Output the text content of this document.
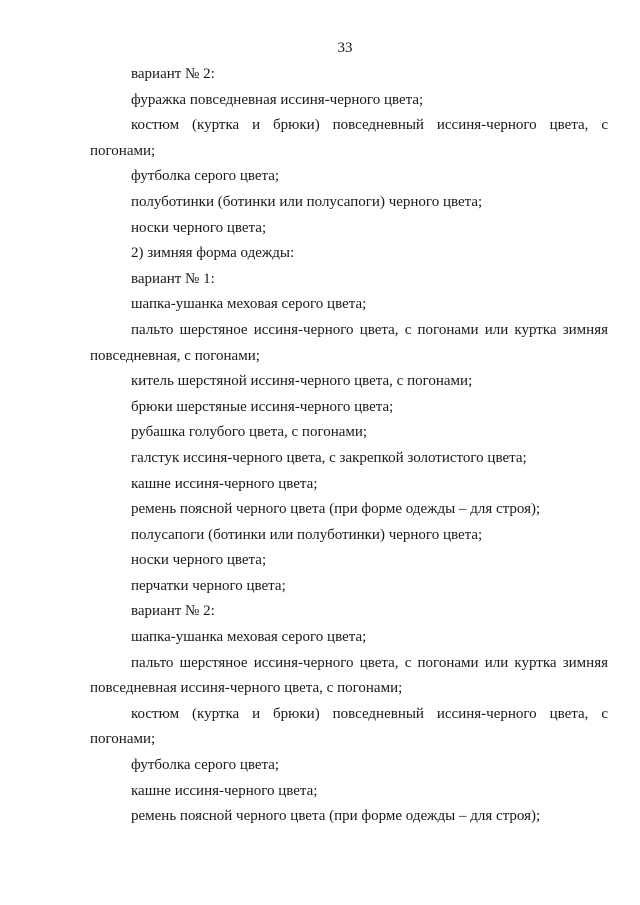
33

вариант № 2:

фуражка повседневная иссиня-черного цвета;

костюм (куртка и брюки) повседневный иссиня-черного цвета, с погонами;

футболка серого цвета;

полуботинки (ботинки или полусапоги) черного цвета;

носки черного цвета;

2) зимняя форма одежды:

вариант № 1:

шапка-ушанка меховая серого цвета;

пальто шерстяное иссиня-черного цвета, с погонами или куртка зимняя повседневная, с погонами;

китель шерстяной иссиня-черного цвета, с погонами;

брюки шерстяные иссиня-черного цвета;

рубашка голубого цвета, с погонами;

галстук иссиня-черного цвета, с закрепкой золотистого цвета;

кашне иссиня-черного цвета;

ремень поясной черного цвета (при форме одежды – для строя);

полусапоги (ботинки или полуботинки) черного цвета;

носки черного цвета;

перчатки черного цвета;

вариант № 2:

шапка-ушанка меховая серого цвета;

пальто шерстяное иссиня-черного цвета, с погонами или куртка зимняя повседневная иссиня-черного цвета, с погонами;

костюм (куртка и брюки) повседневный иссиня-черного цвета, с погонами;

футболка серого цвета;

кашне иссиня-черного цвета;

ремень поясной черного цвета (при форме одежды – для строя);
